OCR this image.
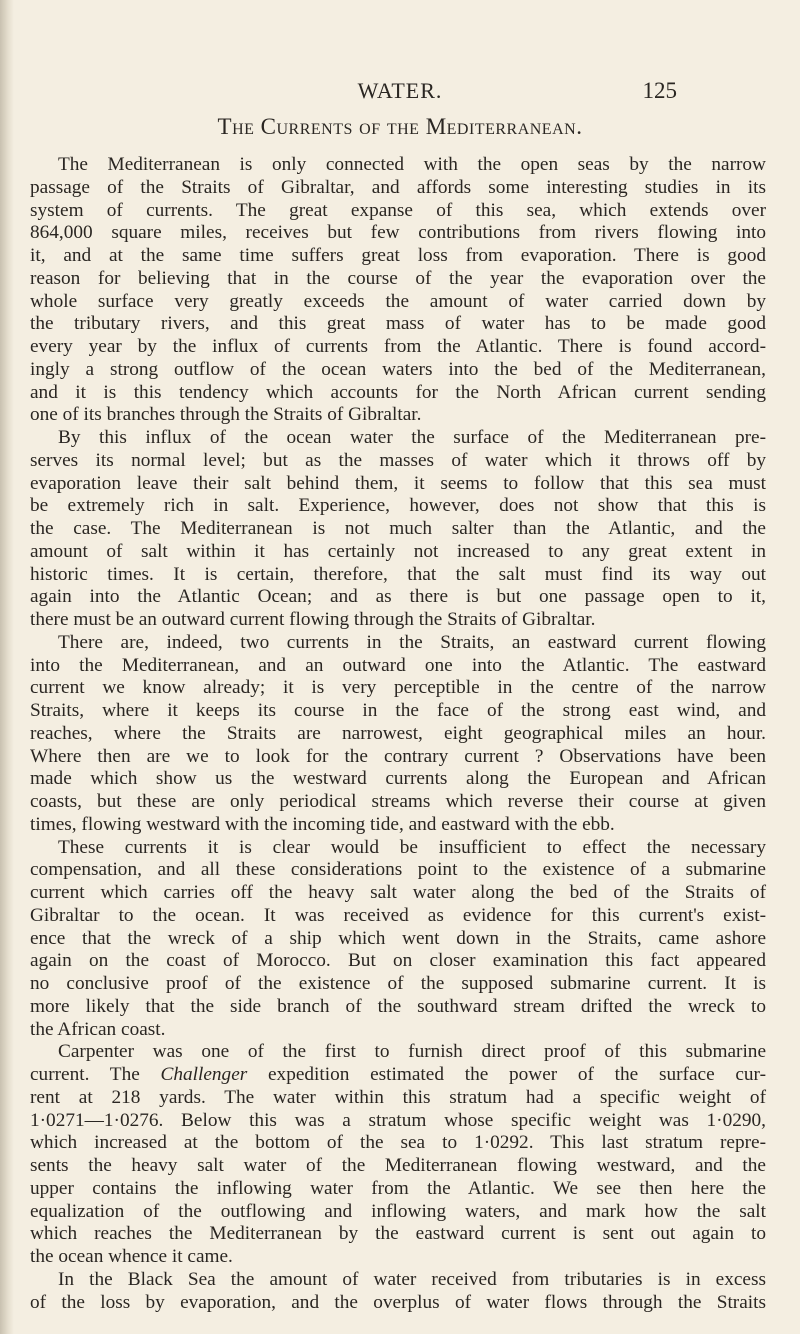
WATER.	125
The Currents of the Mediterranean.
The Mediterranean is only connected with the open seas by the narrow
passage of the Straits of Gibraltar, and affords some interesting studies in its
system of currents. The great expanse of this sea, which extends over
864,000 square miles, receives but few contributions from rivers flowing into
it, and at the same time suffers great loss from evaporation. There is good
reason for believing that in the course of the year the evaporation over the
whole surface very greatly exceeds the amount of water carried down by
the tributary rivers, and this great mass of water has to be made good
every year by the influx of currents from the Atlantic. There is found accord-
ingly a strong outflow of the ocean waters into the bed of the Mediterranean,
and it is this tendency which accounts for the North African current sending
one of its branches through the Straits of Gibraltar.
By this influx of the ocean water the surface of the Mediterranean pre-
serves its normal level; but as the masses of water which it throws off by
evaporation leave their salt behind them, it seems to follow that this sea must
be extremely rich in salt. Experience, however, does not show that this is
the case. The Mediterranean is not much salter than the Atlantic, and the
amount of salt within it has certainly not increased to any great extent in
historic times. It is certain, therefore, that the salt must find its way out
again into the Atlantic Ocean; and as there is but one passage open to it,
there must be an outward current flowing through the Straits of Gibraltar.
There are, indeed, two currents in the Straits, an eastward current flowing
into the Mediterranean, and an outward one into the Atlantic. The eastward
current we know already; it is very perceptible in the centre of the narrow
Straits, where it keeps its course in the face of the strong east wind, and
reaches, where the Straits are narrowest, eight geographical miles an hour.
Where then are we to look for the contrary current ? Observations have been
made which show us the westward currents along the European and African
coasts, but these are only periodical streams which reverse their course at given
times, flowing westward with the incoming tide, and eastward with the ebb.
These currents it is clear would be insufficient to effect the necessary
compensation, and all these considerations point to the existence of a submarine
current which carries off the heavy salt water along the bed of the Straits of
Gibraltar to the ocean. It was received as evidence for this current's exist-
ence that the wreck of a ship which went down in the Straits, came ashore
again on the coast of Morocco. But on closer examination this fact appeared
no conclusive proof of the existence of the supposed submarine current. It is
more likely that the side branch of the southward stream drifted the wreck to
the African coast.
Carpenter was one of the first to furnish direct proof of this submarine
current. The Challenger expedition estimated the power of the surface cur-
rent at 218 yards. The water within this stratum had a specific weight of
1·0271—1·0276. Below this was a stratum whose specific weight was 1·0290,
which increased at the bottom of the sea to 1·0292. This last stratum repre-
sents the heavy salt water of the Mediterranean flowing westward, and the
upper contains the inflowing water from the Atlantic. We see then here the
equalization of the outflowing and inflowing waters, and mark how the salt
which reaches the Mediterranean by the eastward current is sent out again to
the ocean whence it came.
In the Black Sea the amount of water received from tributaries is in excess
of the loss by evaporation, and the overplus of water flows through the Straits
